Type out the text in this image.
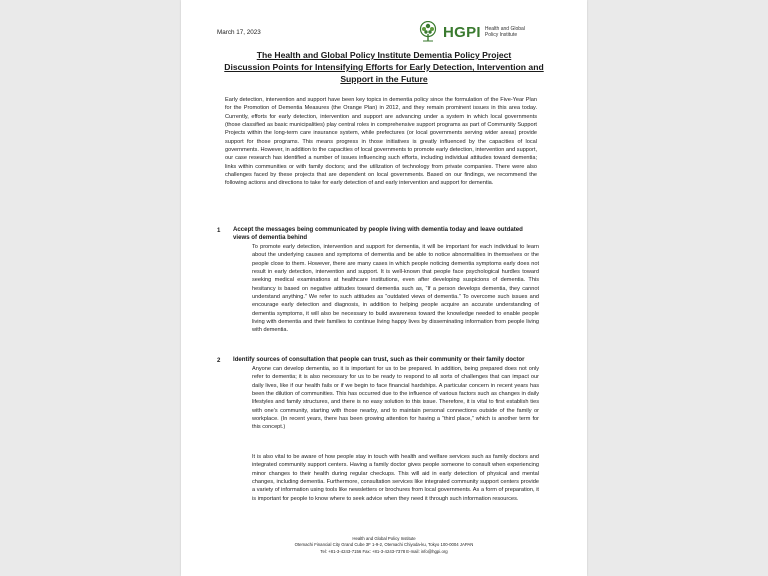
March 17, 2023	HGPI Health and Global Policy Institute
The Health and Global Policy Institute Dementia Policy Project
Discussion Points for Intensifying Efforts for Early Detection, Intervention and
Support in the Future
Early detection, intervention and support have been key topics in dementia policy since the formulation of the Five-Year Plan for the Promotion of Dementia Measures (the Orange Plan) in 2012, and they remain prominent issues in this area today. Currently, efforts for early detection, intervention and support are advancing under a system in which local governments (those classified as basic municipalities) play central roles in comprehensive support programs as part of Community Support Projects within the long-term care insurance system, while prefectures (or local governments serving wider areas) provide support for those programs. This means progress in those initiatives is greatly influenced by the capacities of local governments. However, in addition to the capacities of local governments to promote early detection, intervention and support, our case research has identified a number of issues influencing such efforts, including individual attitudes toward dementia; links within communities or with family doctors; and the utilization of technology from private companies. There were also challenges faced by these projects that are dependent on local governments. Based on our findings, we recommend the following actions and directions to take for early detection of and early intervention and support for dementia.
1 Accept the messages being communicated by people living with dementia today and leave outdated views of dementia behind
To promote early detection, intervention and support for dementia, it will be important for each individual to learn about the underlying causes and symptoms of dementia and be able to notice abnormalities in themselves or the people close to them. However, there are many cases in which people noticing dementia symptoms early does not result in early detection, intervention and support. It is well-known that people face psychological hurdles toward seeking medical examinations at healthcare institutions, even after developing suspicions of dementia. This hesitancy is based on negative attitudes toward dementia such as, “If a person develops dementia, they cannot understand anything.” We refer to such attitudes as “outdated views of dementia.” To overcome such issues and encourage early detection and diagnosis, in addition to helping people acquire an accurate understanding of dementia symptoms, it will also be necessary to build awareness toward the knowledge needed to enable people living with dementia and their families to continue living happy lives by disseminating information from people living with dementia.
2 Identify sources of consultation that people can trust, such as their community or their family doctor
Anyone can develop dementia, so it is important for us to be prepared. In addition, being prepared does not only refer to dementia; it is also necessary for us to be ready to respond to all sorts of challenges that can impact our daily lives, like if our health fails or if we begin to face financial hardships. A particular concern in recent years has been the dilution of communities. This has occurred due to the influence of various factors such as changes in daily lifestyles and family structures, and there is no easy solution to this issue. Therefore, it is vital to first establish ties with one’s community, starting with those nearby, and to maintain personal connections outside of the family or workplace. (In recent years, there has been growing attention for having a “third place,” which is another term for this concept.)
It is also vital to be aware of how people stay in touch with health and welfare services such as family doctors and integrated community support centers. Having a family doctor gives people someone to consult when experiencing minor changes to their health during regular checkups. This will aid in early detection of physical and mental changes, including dementia. Furthermore, consultation services like integrated community support centers provide a variety of information using tools like newsletters or brochures from local governments. As a form of preparation, it is important for people to know where to seek advice when they need it through such information resources.
Health and Global Policy Institute
Otemachi Financial City Grand Cube 3F 1-9-2, Otemachi Chiyoda-ku, Tokyo 100-0004 JAPAN
Tel: +81-3-4243-7156 Fax: +81-3-4243-7378 E-mail: info@hgpi.org
